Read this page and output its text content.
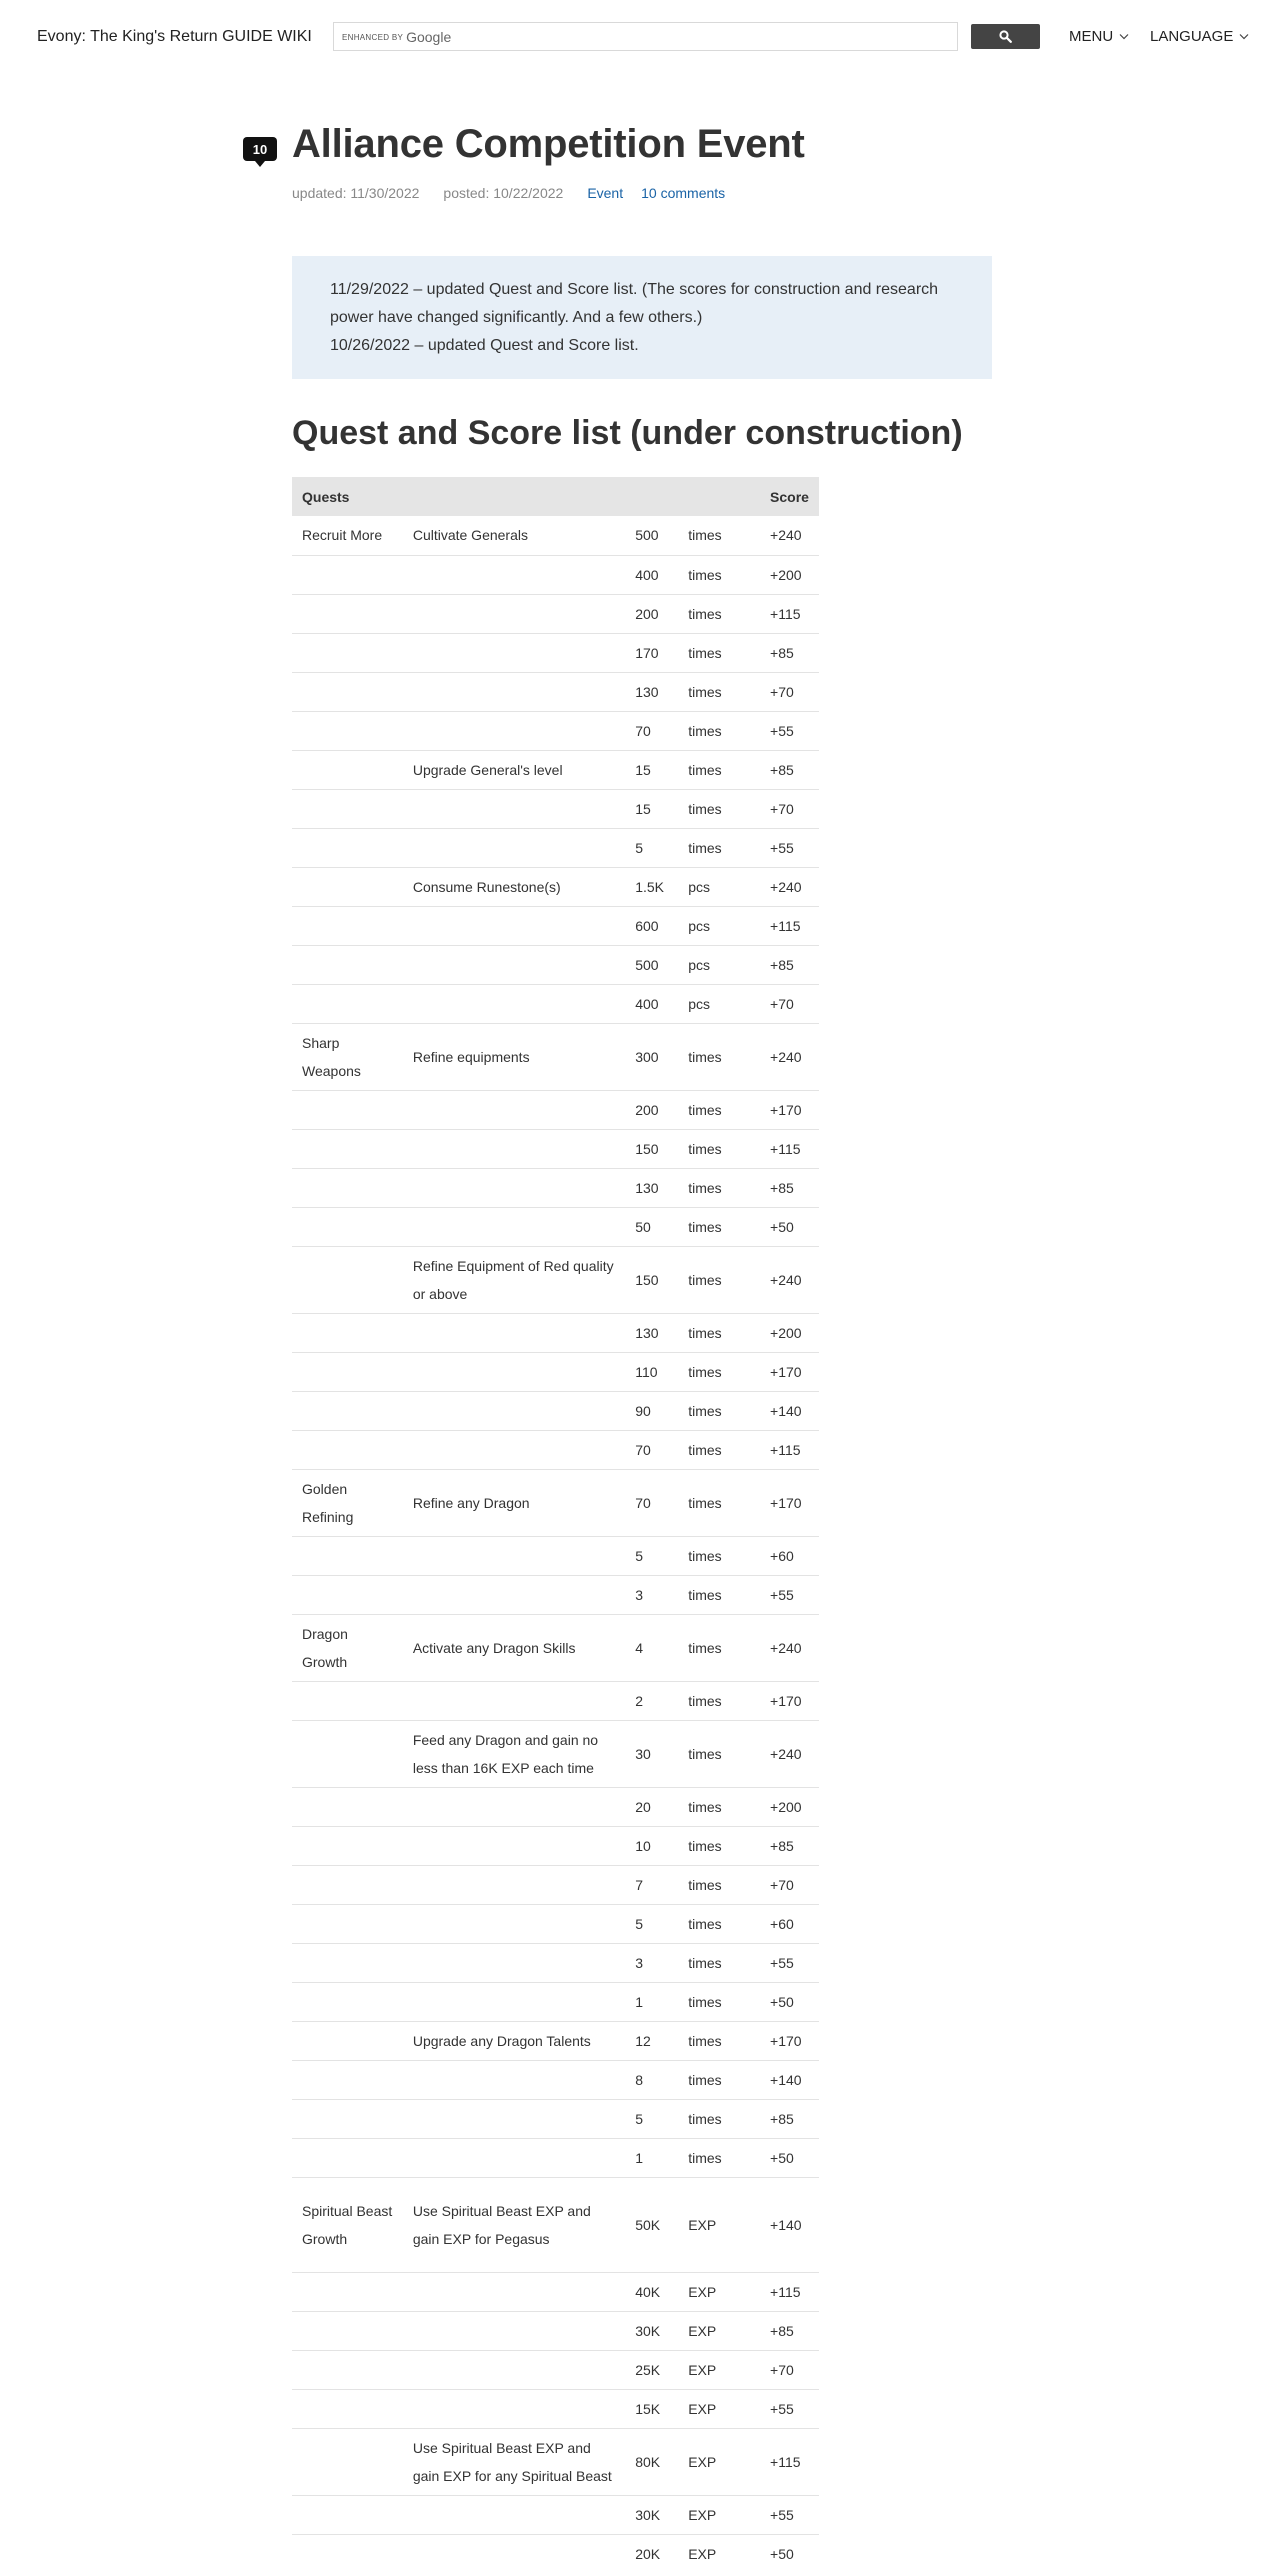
Evony: The King's Return GUIDE WIKI	ENHANCED BY Google	MENU LANGUAGE
10 Alliance Competition Event
updated: 11/30/2022 posted: 10/22/2022 Event 10 comments
11/29/2022 – updated Quest and Score list. (The scores for construction and research power have changed significantly. And a few others.)
10/26/2022 – updated Quest and Score list.
Quest and Score list (under construction)
Quests				Score
Recruit More	Cultivate Generals	500	times	+240
		400	times	+200
		200	times	+115
		170	times	+85
		130	times	+70
		70	times	+55
	Upgrade General's level	15	times	+85
		15	times	+70
		5	times	+55
	Consume Runestone(s)	1.5K	pcs	+240
		600	pcs	+115
		500	pcs	+85
		400	pcs	+70
Sharp Weapons	Refine equipments	300	times	+240
		200	times	+170
		150	times	+115
		130	times	+85
		50	times	+50
	Refine Equipment of Red quality or above	150	times	+240
		130	times	+200
		110	times	+170
		90	times	+140
		70	times	+115
Golden Refining	Refine any Dragon	70	times	+170
		5	times	+60
		3	times	+55
Dragon Growth	Activate any Dragon Skills	4	times	+240
		2	times	+170
	Feed any Dragon and gain no less than 16K EXP each time	30	times	+240
		20	times	+200
		10	times	+85
		7	times	+70
		5	times	+60
		3	times	+55
		1	times	+50
	Upgrade any Dragon Talents	12	times	+170
		8	times	+140
		5	times	+85
		1	times	+50
Spiritual Beast Growth	Use Spiritual Beast EXP and gain EXP for Pegasus	50K	EXP	+140
		40K	EXP	+115
		30K	EXP	+85
		25K	EXP	+70
		15K	EXP	+55
	Use Spiritual Beast EXP and gain EXP for any Spiritual Beast	80K	EXP	+115
		30K	EXP	+55
		20K	EXP	+50
